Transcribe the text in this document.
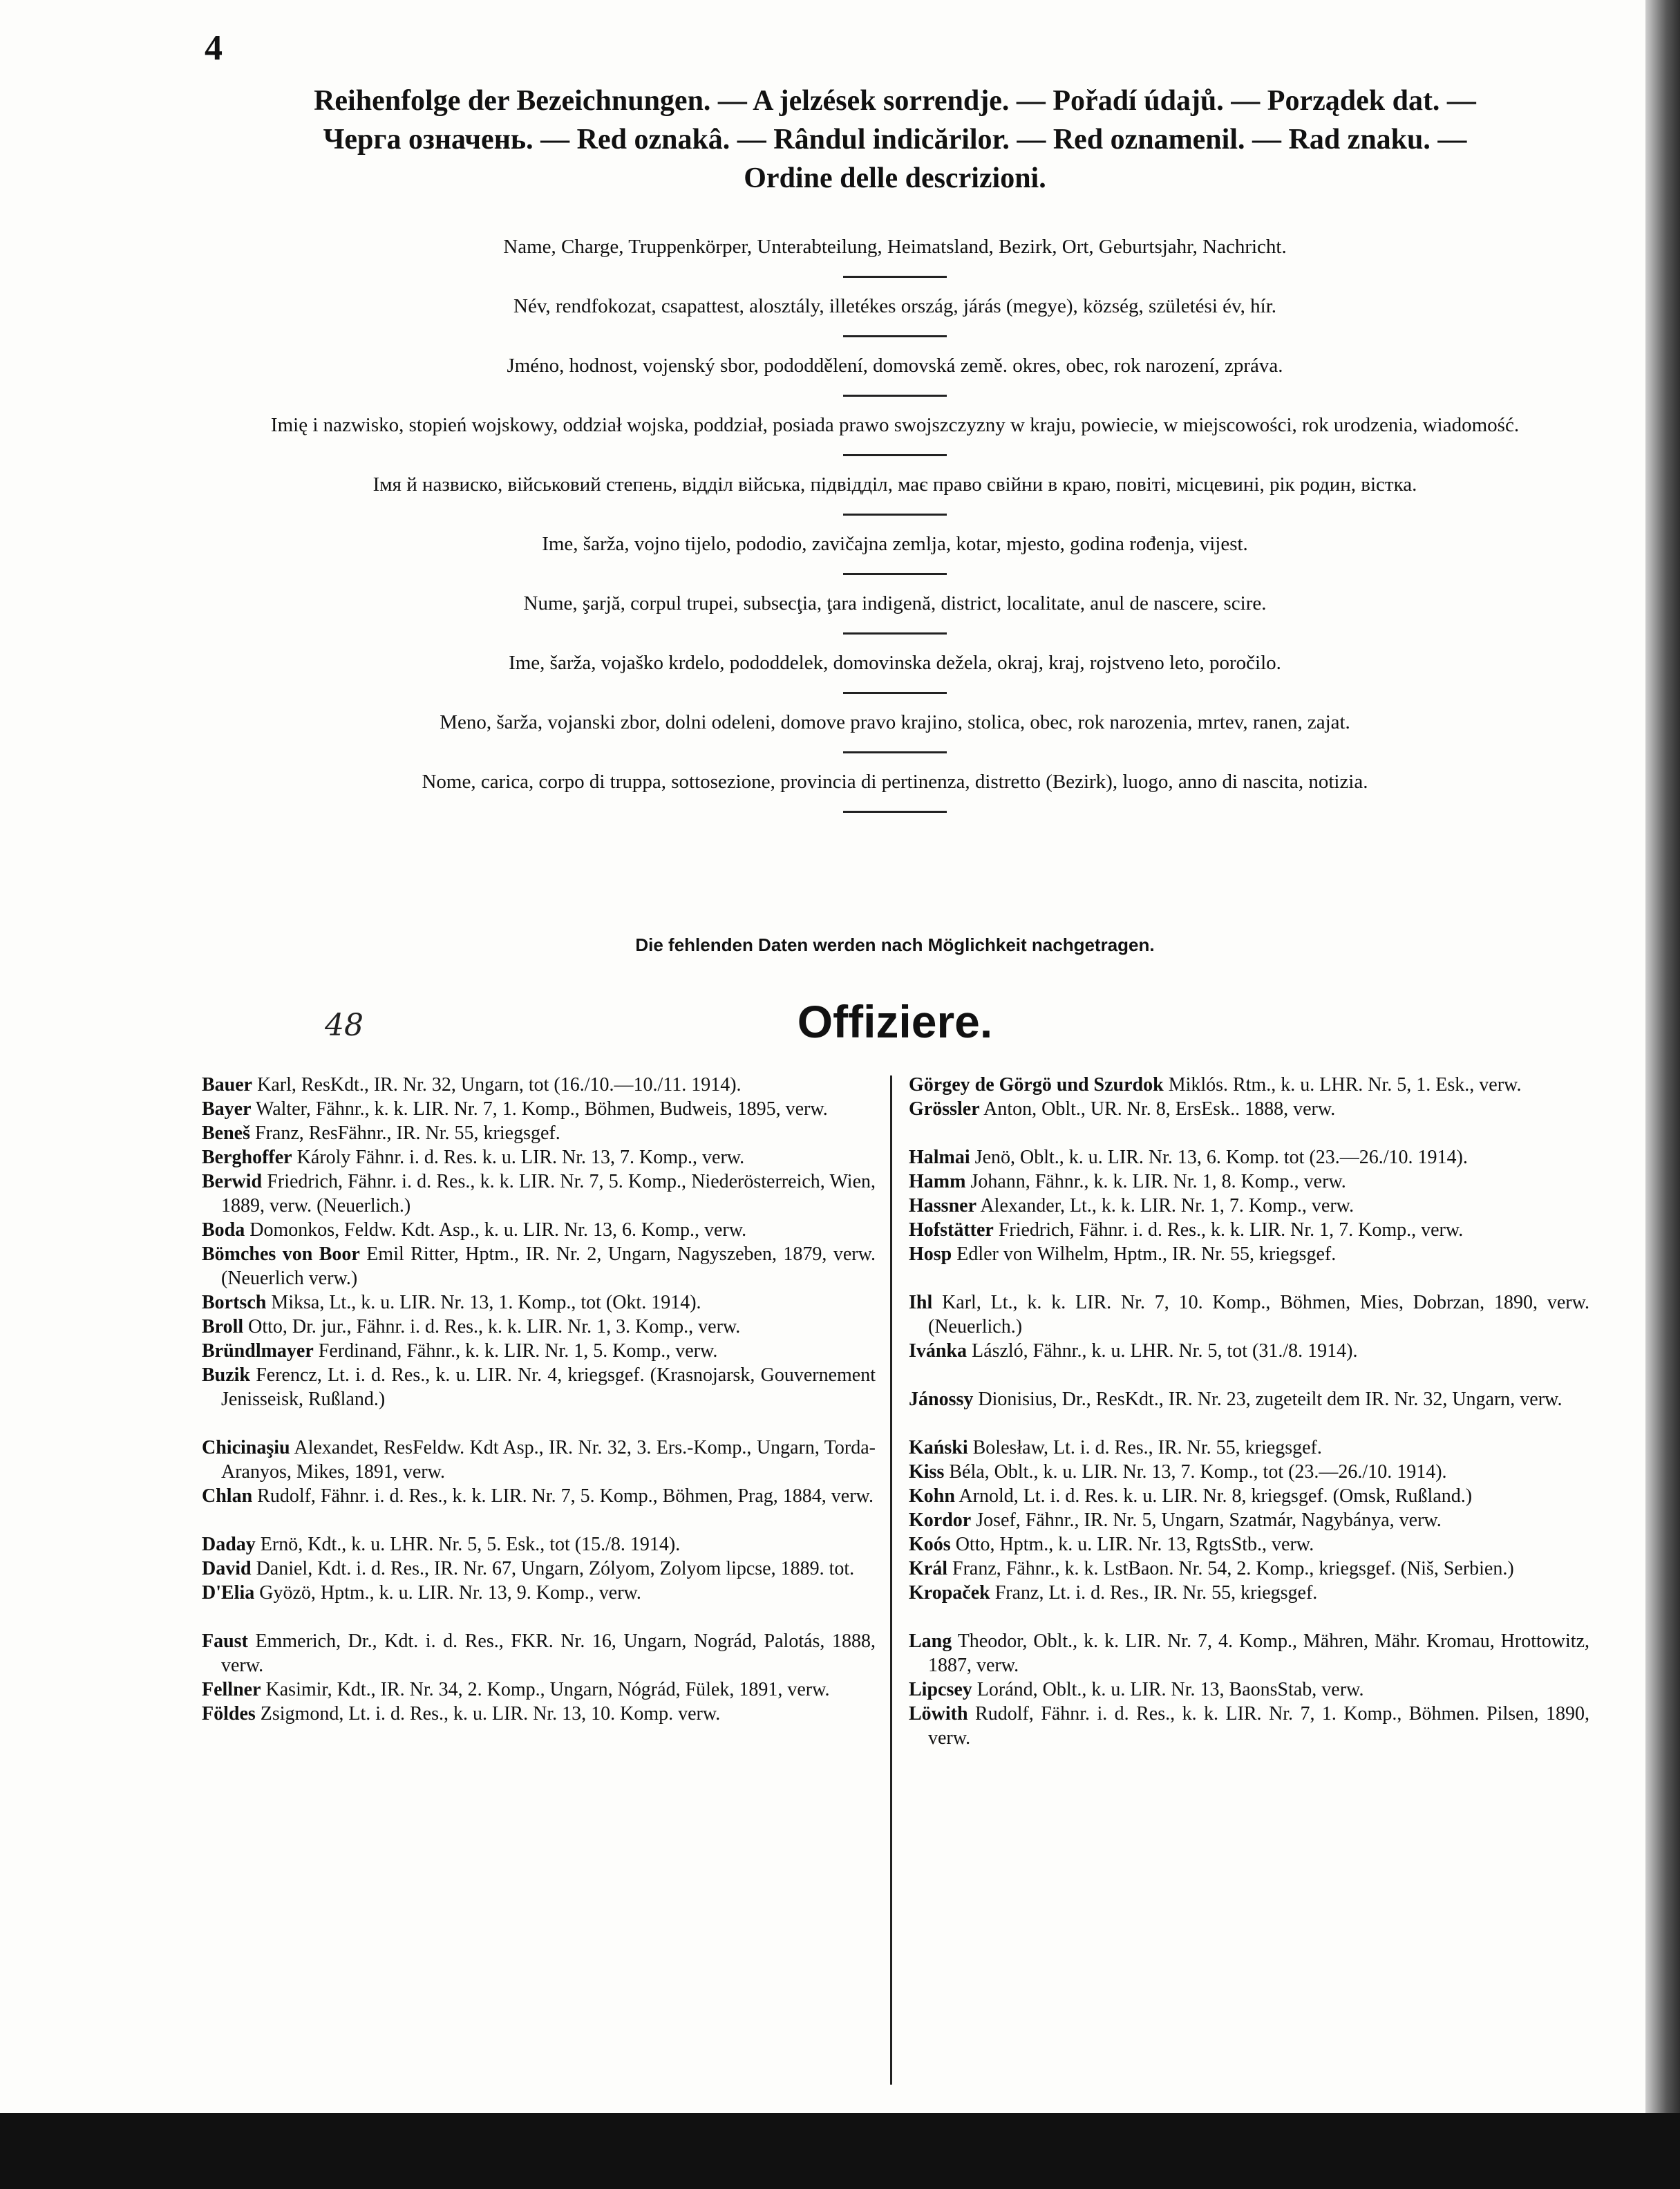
4
Reihenfolge der Bezeichnungen. — A jelzések sorrendje. — Pořadí údajů. — Porządek dat. —
Черга означень. — Red oznakâ. — Rândul indicărilor. — Red oznamenil. — Rad znaku. —
Ordine delle descrizioni.

Name, Charge, Truppenkörper, Unterabteilung, Heimatsland, Bezirk, Ort, Geburtsjahr, Nachricht.

Név, rendfokozat, csapattest, alosztály, illetékes ország, járás (megye), község, születési év, hír.

Jméno, hodnost, vojenský sbor, pododdělení, domovská země. okres, obec, rok narození, zpráva.

Imię i nazwisko, stopień wojskowy, oddział wojska, poddział, posiada prawo swojszczyzny w kraju, powiecie, w miejscowości, rok urodzenia, wiadomość.

Імя й назвиско, військовий степень, відділ війська, підвідділ, має право свійни в краю, повіті, місцевині, рік родин, вістка.

Ime, šarža, vojno tijelo, pododio, zavičajna zemlja, kotar, mjesto, godina rođenja, vijest.

Nume, şarjă, corpul trupei, subsecţia, ţara indigenă, district, localitate, anul de nascere, scire.

Ime, šarža, vojaško krdelo, pododdelek, domovinska dežela, okraj, kraj, rojstveno leto, poročilo.

Meno, šarža, vojanski zbor, dolni odeleni, domove pravo krajino, stolica, obec, rok narozenia, mrtev, ranen, zajat.

Nome, carica, corpo di truppa, sottosezione, provincia di pertinenza, distretto (Bezirk), luogo, anno di nascita, notizia.

Die fehlenden Daten werden nach Möglichkeit nachgetragen.
48	Offiziere.
Bauer Karl, ResKdt., IR. Nr. 32, Ungarn, tot (16./10.—10./11. 1914).
Bayer Walter, Fähnr., k. k. LIR. Nr. 7, 1. Komp., Böhmen, Budweis, 1895, verw.
Beneš Franz, ResFähnr., IR. Nr. 55, kriegsgef.
Berghoffer Károly Fähnr. i. d. Res. k. u. LIR. Nr. 13, 7. Komp., verw.
Berwid Friedrich, Fähnr. i. d. Res., k. k. LIR. Nr. 7, 5. Komp., Niederösterreich, Wien, 1889, verw. (Neuerlich.)
Boda Domonkos, Feldw. Kdt. Asp., k. u. LIR. Nr. 13, 6. Komp., verw.
Bömches von Boor Emil Ritter, Hptm., IR. Nr. 2, Ungarn, Nagyszeben, 1879, verw. (Neuerlich verw.)
Bortsch Miksa, Lt., k. u. LIR. Nr. 13, 1. Komp., tot (Okt. 1914).
Broll Otto, Dr. jur., Fähnr. i. d. Res., k. k. LIR. Nr. 1, 3. Komp., verw.
Bründlmayer Ferdinand, Fähnr., k. k. LIR. Nr. 1, 5. Komp., verw.
Buzik Ferencz, Lt. i. d. Res., k. u. LIR. Nr. 4, kriegsgef. (Krasnojarsk, Gouvernement Jenisseisk, Rußland.)
Chicinaşiu Alexandet, ResFeldw. Kdt Asp., IR. Nr. 32, 3. Ers.-Komp., Ungarn, Torda-Aranyos, Mikes, 1891, verw.
Chlan Rudolf, Fähnr. i. d. Res., k. k. LIR. Nr. 7, 5. Komp., Böhmen, Prag, 1884, verw.
Daday Ernö, Kdt., k. u. LHR. Nr. 5, 5. Esk., tot (15./8. 1914).
David Daniel, Kdt. i. d. Res., IR. Nr. 67, Ungarn, Zólyom, Zolyom lipcse, 1889. tot.
D'Elia Gyözö, Hptm., k. u. LIR. Nr. 13, 9. Komp., verw.
Faust Emmerich, Dr., Kdt. i. d. Res., FKR. Nr. 16, Ungarn, Nográd, Palotás, 1888, verw.
Fellner Kasimir, Kdt., IR. Nr. 34, 2. Komp., Ungarn, Nógrád, Fülek, 1891, verw.
Földes Zsigmond, Lt. i. d. Res., k. u. LIR. Nr. 13, 10. Komp. verw.
Görgey de Görgö und Szurdok Miklós. Rtm., k. u. LHR. Nr. 5, 1. Esk., verw.
Grössler Anton, Oblt., UR. Nr. 8, ErsEsk.. 1888, verw.
Halmai Jenö, Oblt., k. u. LIR. Nr. 13, 6. Komp. tot (23.—26./10. 1914).
Hamm Johann, Fähnr., k. k. LIR. Nr. 1, 8. Komp., verw.
Hassner Alexander, Lt., k. k. LIR. Nr. 1, 7. Komp., verw.
Hofstätter Friedrich, Fähnr. i. d. Res., k. k. LIR. Nr. 1, 7. Komp., verw.
Hosp Edler von Wilhelm, Hptm., IR. Nr. 55, kriegsgef.
Ihl Karl, Lt., k. k. LIR. Nr. 7, 10. Komp., Böhmen, Mies, Dobrzan, 1890, verw. (Neuerlich.)
Ivánka László, Fähnr., k. u. LHR. Nr. 5, tot (31./8. 1914).
Jánossy Dionisius, Dr., ResKdt., IR. Nr. 23, zugeteilt dem IR. Nr. 32, Ungarn, verw.
Kański Bolesław, Lt. i. d. Res., IR. Nr. 55, kriegsgef.
Kiss Béla, Oblt., k. u. LIR. Nr. 13, 7. Komp., tot (23.—26./10. 1914).
Kohn Arnold, Lt. i. d. Res. k. u. LIR. Nr. 8, kriegsgef. (Omsk, Rußland.)
Kordor Josef, Fähnr., IR. Nr. 5, Ungarn, Szatmár, Nagybánya, verw.
Koós Otto, Hptm., k. u. LIR. Nr. 13, RgtsStb., verw.
Král Franz, Fähnr., k. k. LstBaon. Nr. 54, 2. Komp., kriegsgef. (Niš, Serbien.)
Kropaček Franz, Lt. i. d. Res., IR. Nr. 55, kriegsgef.
Lang Theodor, Oblt., k. k. LIR. Nr. 7, 4. Komp., Mähren, Mähr. Kromau, Hrottowitz, 1887, verw.
Lipcsey Loránd, Oblt., k. u. LIR. Nr. 13, BaonsStab, verw.
Löwith Rudolf, Fähnr. i. d. Res., k. k. LIR. Nr. 7, 1. Komp., Böhmen. Pilsen, 1890, verw.
